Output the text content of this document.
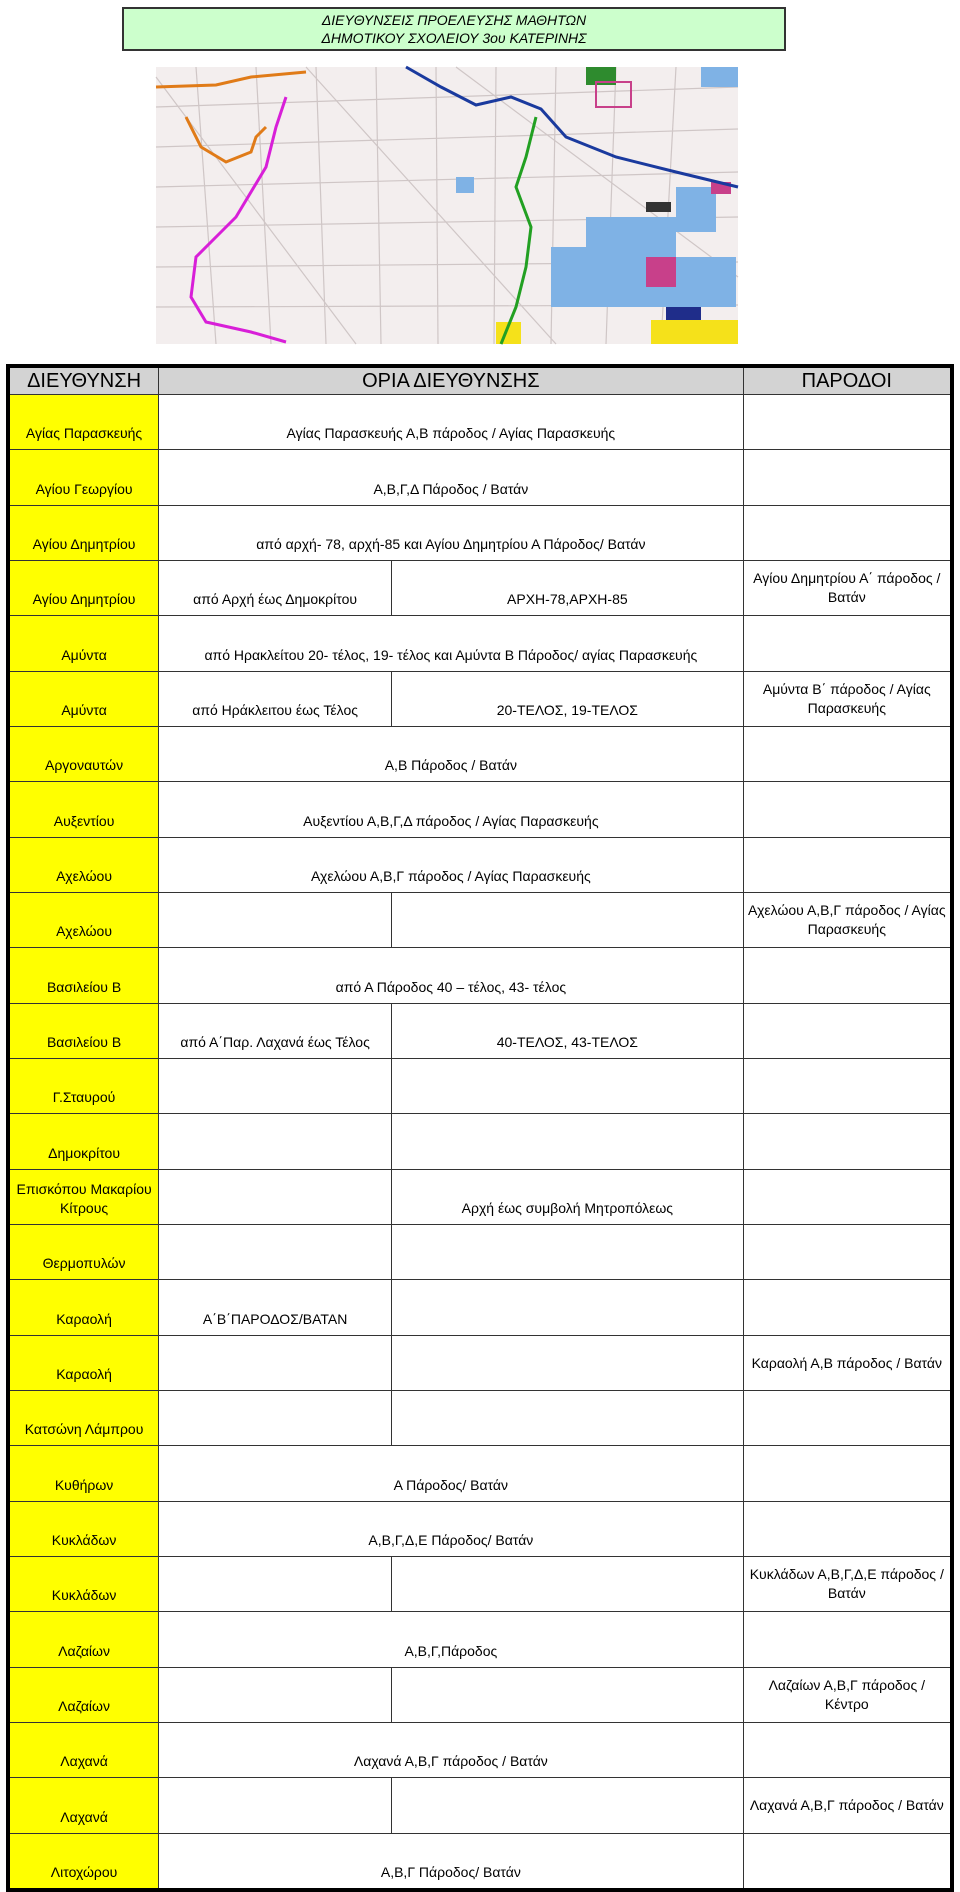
ΔΙΕΥΘΥΝΣΕΙΣ ΠΡΟΕΛΕΥΣΗΣ ΜΑΘΗΤΩΝ
ΔΗΜΟΤΙΚΟΥ ΣΧΟΛΕΙΟΥ 3ου ΚΑΤΕΡΙΝΗΣ
ΔΙΕΥΘΥΝΣΗ	ΟΡΙΑ ΔΙΕΥΘΥΝΣΗΣ		ΠΑΡΟΔΟΙ
Αγίας Παρασκευής	Αγίας Παρασκευής Α,Β πάροδος / Αγίας Παρασκευής		
Αγίου Γεωργίου	Α,Β,Γ,Δ Πάροδος / Βατάν		
Αγίου Δημητρίου	από αρχή- 78, αρχή-85 και Αγίου Δημητρίου Α Πάροδος/ Βατάν		
Αγίου Δημητρίου	από Αρχή έως Δημοκρίτου	ΑΡΧΗ-78,ΑΡΧΗ-85	Αγίου Δημητρίου Α΄ πάροδος / Βατάν
Αμύντα	από Ηρακλείτου 20- τέλος, 19- τέλος και Αμύντα Β Πάροδος/ αγίας Παρασκευής		
Αμύντα	από Ηράκλειτου έως Τέλος	20-ΤΕΛΟΣ, 19-ΤΕΛΟΣ	Αμύντα Β΄ πάροδος / Αγίας Παρασκευής
Αργοναυτών	Α,Β Πάροδος / Βατάν		
Αυξεντίου	Αυξεντίου Α,Β,Γ,Δ πάροδος / Αγίας Παρασκευής		
Αχελώου	Αχελώου Α,Β,Γ πάροδος / Αγίας Παρασκευής		
Αχελώου			Αχελώου Α,Β,Γ πάροδος / Αγίας Παρασκευής
Βασιλείου Β	από Α Πάροδος 40 – τέλος, 43- τέλος		
Βασιλείου Β	από Α΄Παρ. Λαχανά έως Τέλος	40-ΤΕΛΟΣ, 43-ΤΕΛΟΣ	
Γ.Σταυρού			
Δημοκρίτου			
Επισκόπου Μακαρίου Κίτρους		Αρχή έως συμβολή Μητροπόλεως	
Θερμοπυλών			
Καραολή	Α΄Β΄ΠΑΡΟΔΟΣ/ΒΑΤΑΝ		
Καραολή			Καραολή Α,Β πάροδος / Βατάν
Κατσώνη Λάμπρου			
Κυθήρων	Α Πάροδος/ Βατάν		
Κυκλάδων	Α,Β,Γ,Δ,Ε Πάροδος/ Βατάν		
Κυκλάδων			Κυκλάδων Α,Β,Γ,Δ,Ε πάροδος / Βατάν
Λαζαίων	Α,Β,Γ,Πάροδος		
Λαζαίων			Λαζαίων Α,Β,Γ πάροδος / Κέντρο
Λαχανά	Λαχανά Α,Β,Γ πάροδος / Βατάν		
Λαχανά			Λαχανά Α,Β,Γ πάροδος / Βατάν
Λιτοχώρου	Α,Β,Γ Πάροδος/ Βατάν		
